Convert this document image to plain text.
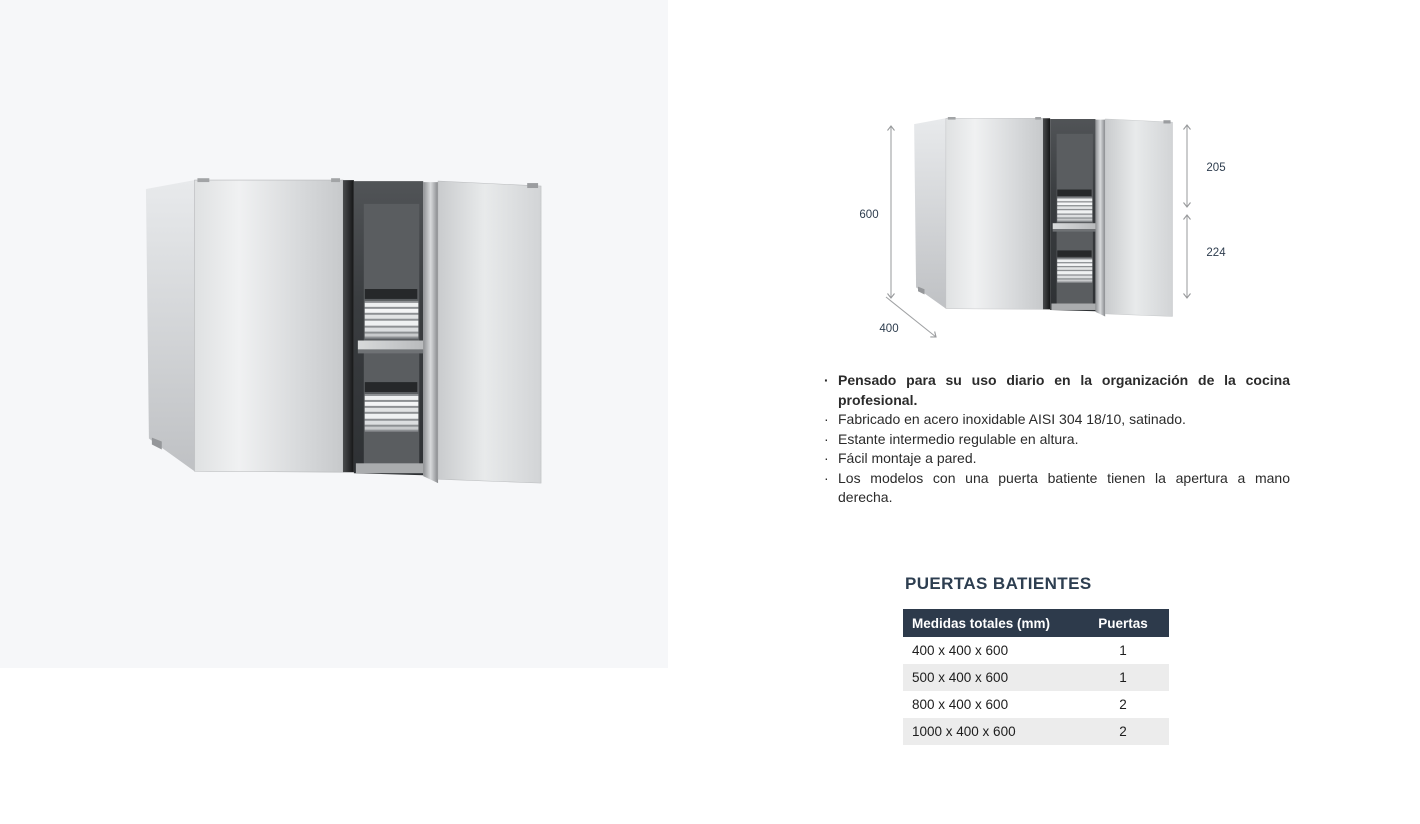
600
400
205
224
· Pensado para su uso diario en la organización de la cocina profesional.
· Fabricado en acero inoxidable AISI 304 18/10, satinado.
· Estante intermedio regulable en altura.
· Fácil montaje a pared.
· Los modelos con una puerta batiente tienen la apertura a mano derecha.
PUERTAS BATIENTES
Medidas totales (mm)	Puertas
400 x 400 x 600	1
500 x 400 x 600	1
800 x 400 x 600	2
1000 x 400 x 600	2
